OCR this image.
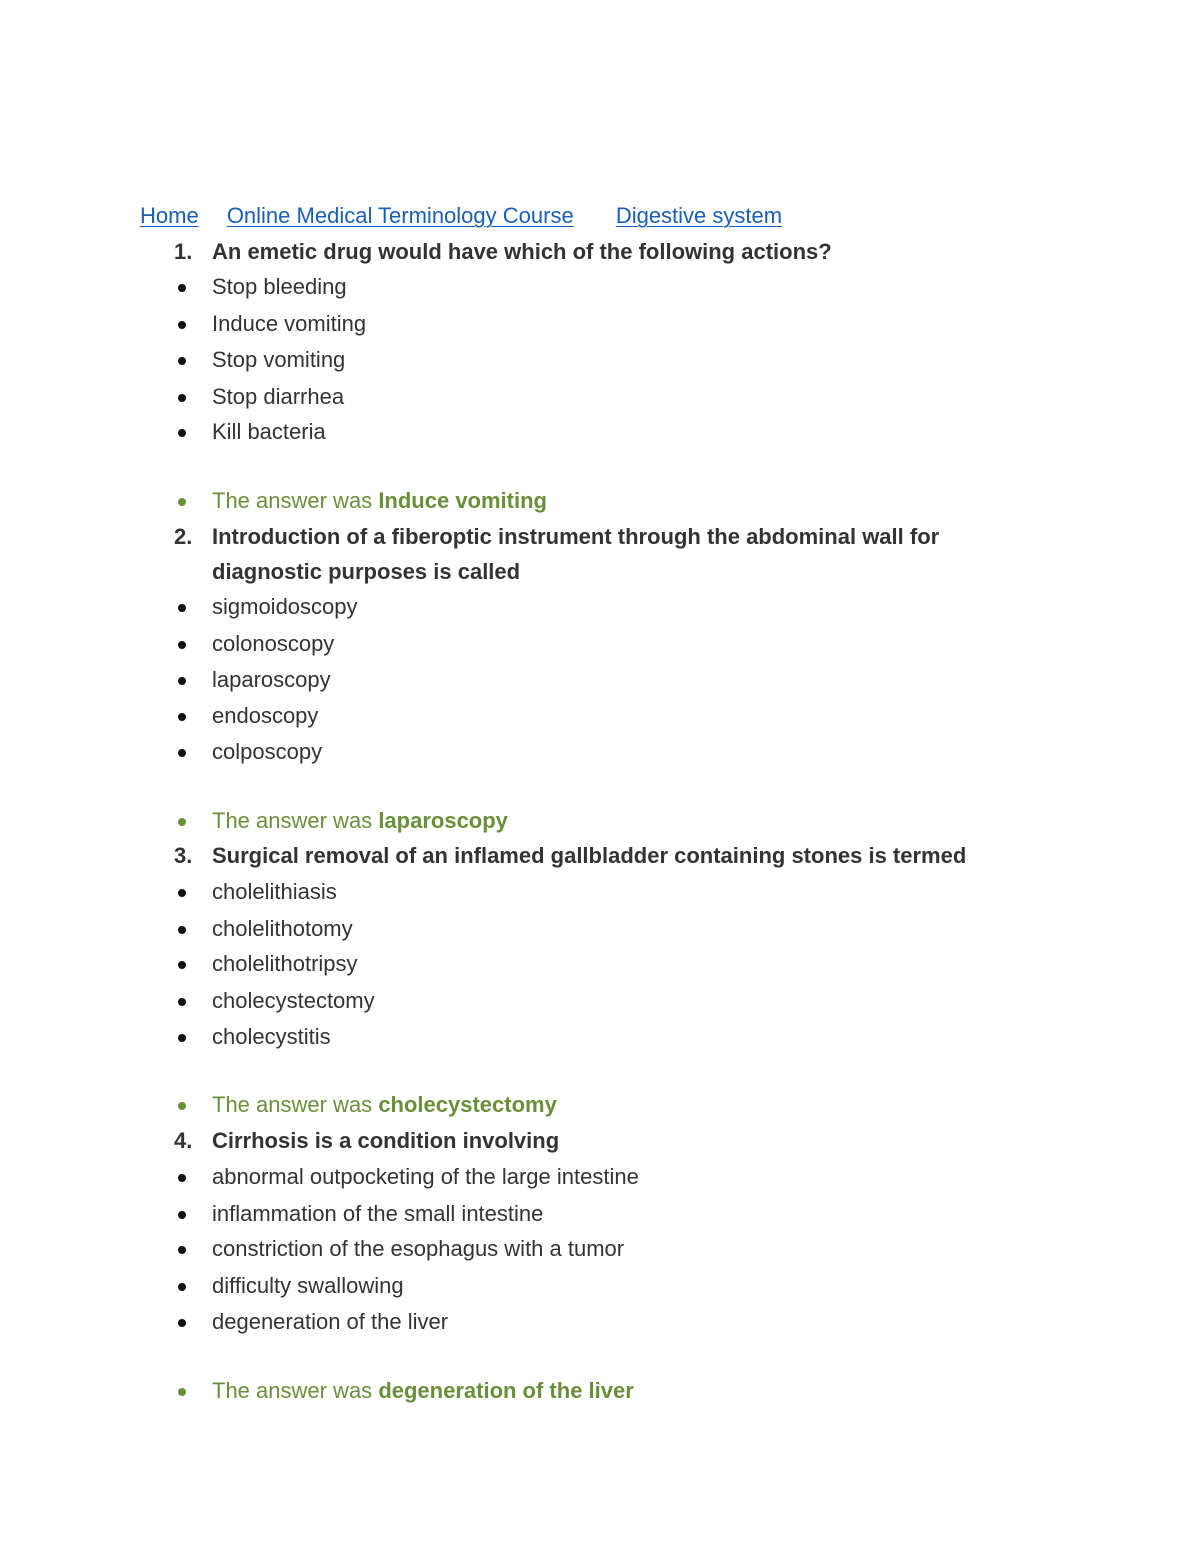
Home Online Medical Terminology Course Digestive system
1. An emetic drug would have which of the following actions?
Stop bleeding
Induce vomiting
Stop vomiting
Stop diarrhea
Kill bacteria
The answer was Induce vomiting
2. Introduction of a fiberoptic instrument through the abdominal wall for
diagnostic purposes is called
sigmoidoscopy
colonoscopy
laparoscopy
endoscopy
colposcopy
The answer was laparoscopy
3. Surgical removal of an inflamed gallbladder containing stones is termed
cholelithiasis
cholelithotomy
cholelithotripsy
cholecystectomy
cholecystitis
The answer was cholecystectomy
4. Cirrhosis is a condition involving
abnormal outpocketing of the large intestine
inflammation of the small intestine
constriction of the esophagus with a tumor
difficulty swallowing
degeneration of the liver
The answer was degeneration of the liver
